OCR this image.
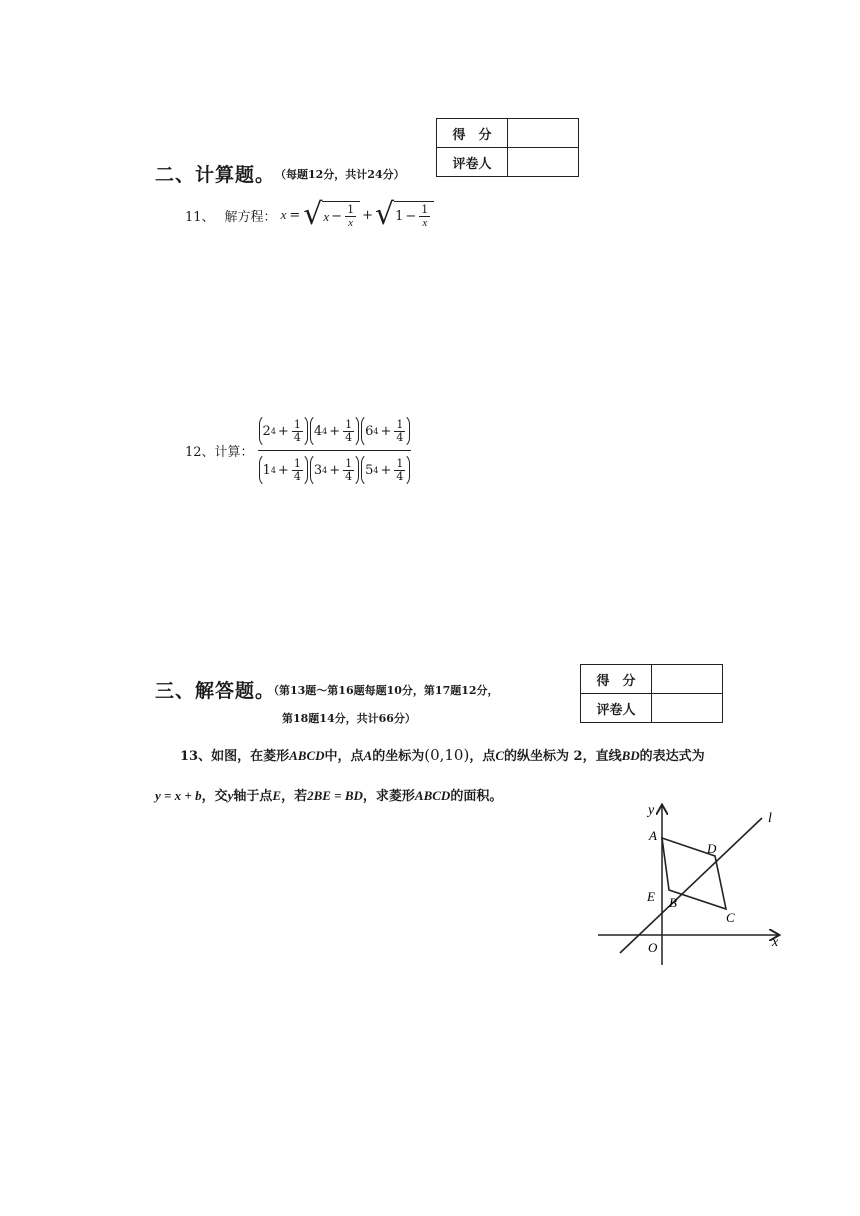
得　分	
评卷人	
二、计算题。 （每题12分，共计24分）
11、 解方程： x = √ $x - \frac{1}{x}$ + √ $1 - \frac{1}{x}$
12、计算：
2 $4 + \frac{1}{4} 4$ $4 + \frac{1}{4} 6$ $4 + \frac{1}{4}$
1 $4 + \frac{1}{4} 3$ $4 + \frac{1}{4} 5$ $4 + \frac{1}{4}$
得　分	
评卷人	
三、解答题。
（第13题～第16题每题10分，第17题12分，
第18题14分，共计66分）
13、如图，在菱形ABCD中，点A的坐标为(0,10)，点C的纵坐标为 2，直线BD的表达式为
y = x + b，交y轴于点E，若2BE = BD，求菱形ABCD的面积。
y
x
O
l
A
D
E B
C
